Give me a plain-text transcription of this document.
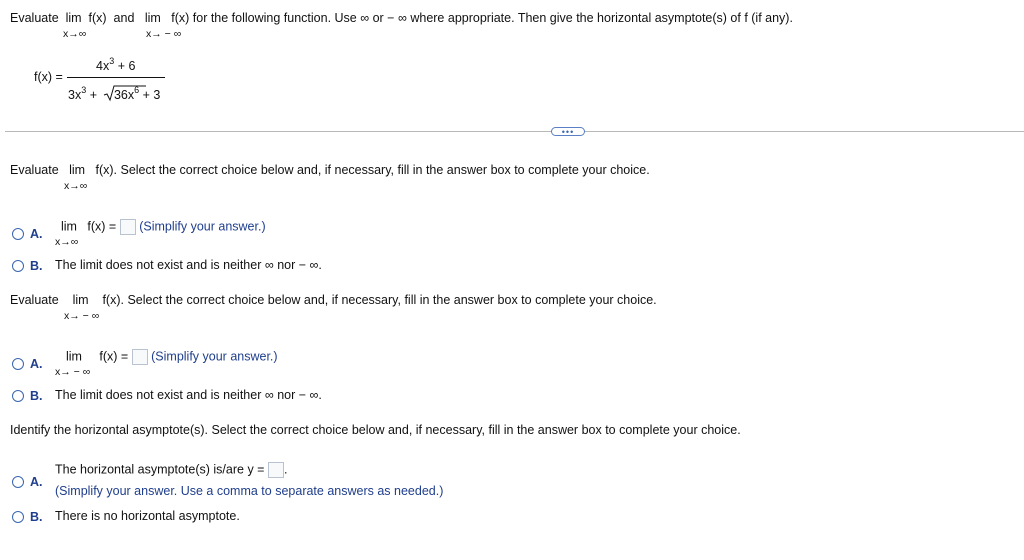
Evaluate lim f(x) and lim f(x) for the following function. Use ∞ or − ∞ where appropriate. Then give the horizontal asymptote(s) of f (if any).
x→∞	x→ − ∞
f(x) =
$4x^3 + 6$
$3x^3 + 36x^6 + 3$
•••
Evaluate lim f(x). Select the correct choice below and, if necessary, fill in the answer box to complete your choice.
x→∞
A.
lim f(x) = (Simplify your answer.)
x→∞
B. The limit does not exist and is neither ∞ nor − ∞.
Evaluate lim f(x). Select the correct choice below and, if necessary, fill in the answer box to complete your choice.
x→ − ∞
A.
lim f(x) = (Simplify your answer.)
x→ − ∞
B. The limit does not exist and is neither ∞ nor − ∞.
Identify the horizontal asymptote(s). Select the correct choice below and, if necessary, fill in the answer box to complete your choice.
A.
The horizontal asymptote(s) is/are y = .
(Simplify your answer. Use a comma to separate answers as needed.)
B. There is no horizontal asymptote.
